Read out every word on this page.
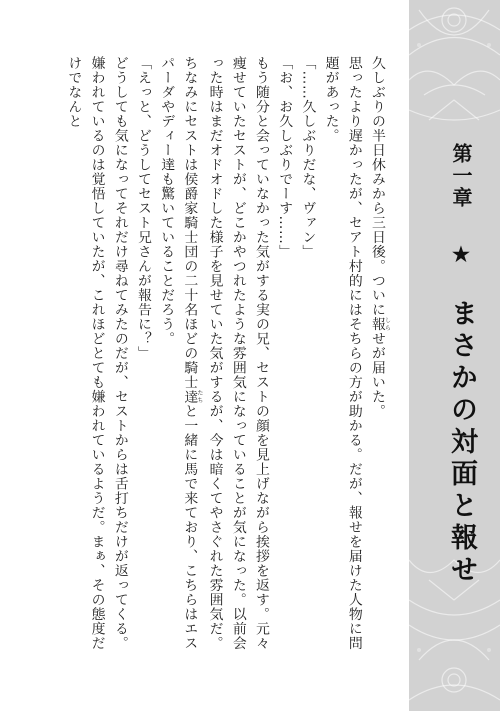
第一章 ★ まさかの対面と報せ

久しぶりの半日休みから三日後。ついに報しらせが届いた。

思ったより遅かったが、セアト村的にはそちらの方が助かる。だが、報せを届けた人物に問題があった。

「……久しぶりだな、ヴァン」

「お、お久しぶりでーす……」

もう随分と会っていなかった気がする実の兄、セストの顔を見上げながら挨拶を返す。元々痩せていたセストが、どこかやつれたような雰囲気になっていることが気になった。以前会った時はまだオドオドした様子を見せていた気がするが、今は暗くてやさぐれた雰囲気だ。

ちなみにセストは侯爵家騎士団の二十名ほどの騎士達たちと一緒に馬で来ており、こちらはエスパーダやディー達も驚いていることだろう。

「えっと、どうしてセスト兄さんが報告に？」

どうしても気になってそれだけ尋ねてみたのだが、セストからは舌打ちだけが返ってくる。嫌われているのは覚悟していたが、これほどとても嫌われているようだ。まぁ、その態度だけでなんと
